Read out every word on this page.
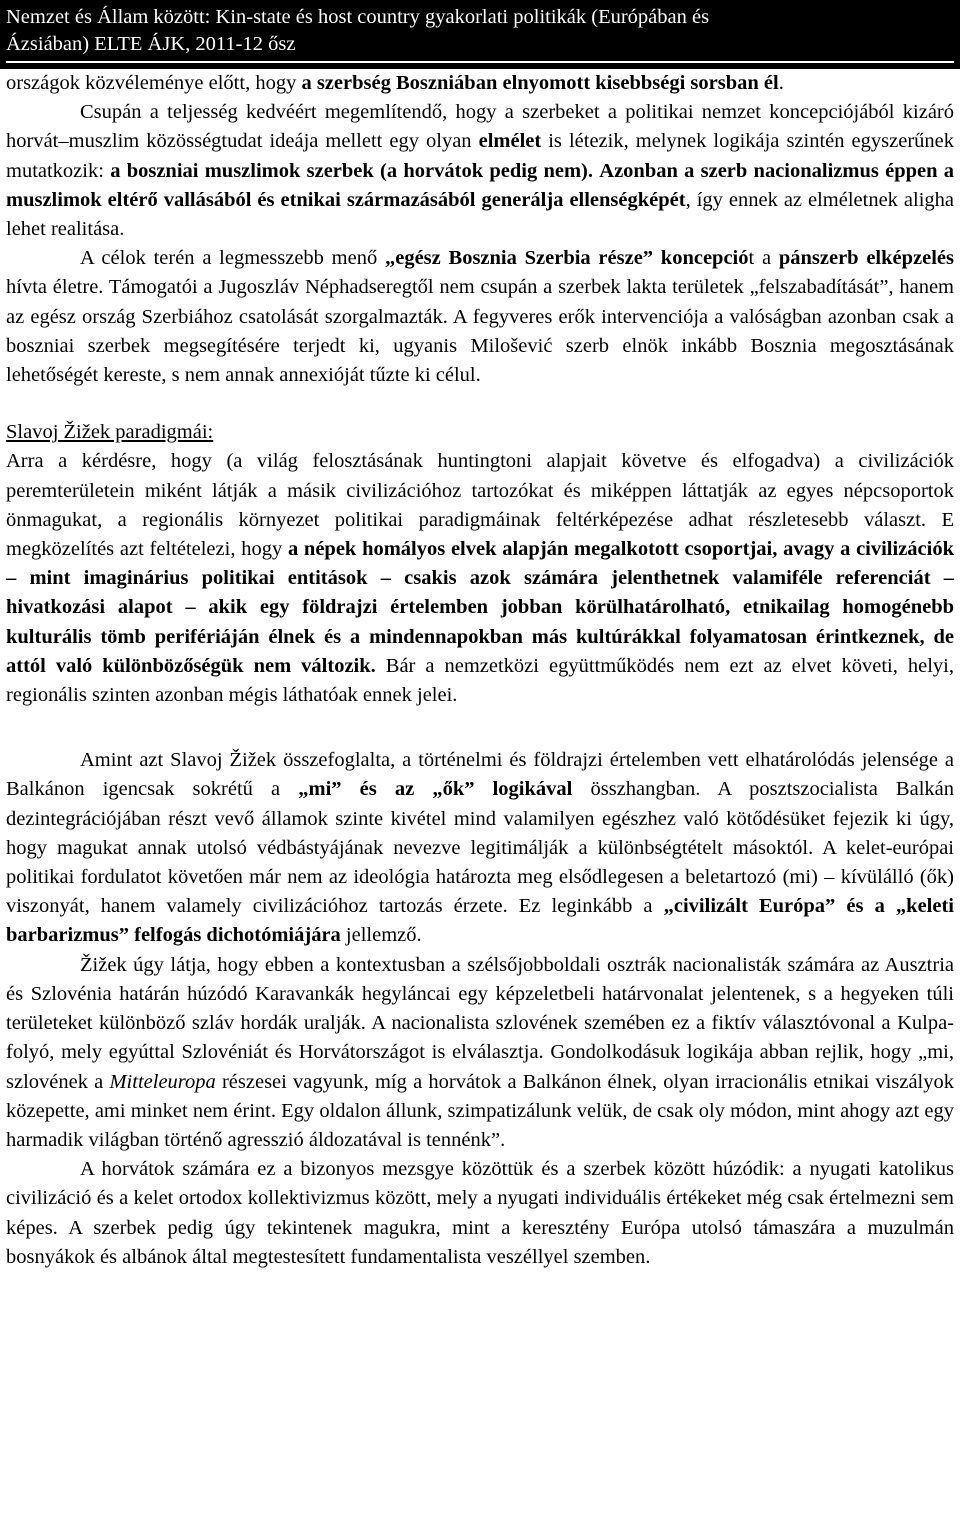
Nemzet és Állam között: Kin-state és host country gyakorlati politikák (Európában és
Ázsiában) ELTE ÁJK, 2011-12 ősz

országok közvéleménye előtt, hogy a szerbség Boszniában elnyomott kisebbségi sorsban él.

Csupán a teljesség kedvéért megemlítendő, hogy a szerbeket a politikai nemzet koncepciójából kizáró horvát–muszlim közösségtudat ideája mellett egy olyan elmélet is létezik, melynek logikája szintén egyszerűnek mutatkozik: a boszniai muszlimok szerbek (a horvátok pedig nem). Azonban a szerb nacionalizmus éppen a muszlimok eltérő vallásából és etnikai származásából generálja ellenségképét, így ennek az elméletnek aligha lehet realitása.

A célok terén a legmesszebb menő „egész Bosznia Szerbia része” koncepciót a pánszerb elképzelés hívta életre. Támogatói a Jugoszláv Néphadseregtől nem csupán a szerbek lakta területek „felszabadítását”, hanem az egész ország Szerbiához csatolását szorgalmazták. A fegyveres erők intervenciója a valóságban azonban csak a boszniai szerbek megsegítésére terjedt ki, ugyanis Milošević szerb elnök inkább Bosznia megosztásának lehetőségét kereste, s nem annak annexióját tűzte ki célul.

Slavoj Žižek paradigmái:

Arra a kérdésre, hogy (a világ felosztásának huntingtoni alapjait követve és elfogadva) a civilizációk peremterületein miként látják a másik civilizációhoz tartozókat és miképpen láttatják az egyes népcsoportok önmagukat, a regionális környezet politikai paradigmáinak feltérképezése adhat részletesebb választ. E megközelítés azt feltételezi, hogy a népek homályos elvek alapján megalkotott csoportjai, avagy a civilizációk – mint imaginárius politikai entitások – csakis azok számára jelenthetnek valamiféle referenciát – hivatkozási alapot – akik egy földrajzi értelemben jobban körülhatárolható, etnikailag homogénebb kulturális tömb perifériáján élnek és a mindennapokban más kultúrákkal folyamatosan érintkeznek, de attól való különbözőségük nem változik. Bár a nemzetközi együttműködés nem ezt az elvet követi, helyi, regionális szinten azonban mégis láthatóak ennek jelei.

Amint azt Slavoj Žižek összefoglalta, a történelmi és földrajzi értelemben vett elhatárolódás jelensége a Balkánon igencsak sokrétű a „mi” és az „ők” logikával összhangban. A posztszocialista Balkán dezintegrációjában részt vevő államok szinte kivétel mind valamilyen egészhez való kötődésüket fejezik ki úgy, hogy magukat annak utolsó védbástyájának nevezve legitimálják a különbségtételt másoktól. A kelet-európai politikai fordulatot követően már nem az ideológia határozta meg elsődlegesen a beletartozó (mi) – kívülálló (ők) viszonyát, hanem valamely civilizációhoz tartozás érzete. Ez leginkább a „civilizált Európa” és a „keleti barbarizmus” felfogás dichotómiájára jellemző.

Žižek úgy látja, hogy ebben a kontextusban a szélsőjobboldali osztrák nacionalisták számára az Ausztria és Szlovénia határán húzódó Karavankák hegyláncai egy képzeletbeli határvonalat jelentenek, s a hegyeken túli területeket különböző szláv hordák uralják. A nacionalista szlovének szemében ez a fiktív választóvonal a Kulpa-folyó, mely egyúttal Szlovéniát és Horvátországot is elválasztja. Gondolkodásuk logikája abban rejlik, hogy „mi, szlovének a Mitteleuropa részesei vagyunk, míg a horvátok a Balkánon élnek, olyan irracionális etnikai viszályok közepette, ami minket nem érint. Egy oldalon állunk, szimpatizálunk velük, de csak oly módon, mint ahogy azt egy harmadik világban történő agresszió áldozatával is tennénk”.

A horvátok számára ez a bizonyos mezsgye közöttük és a szerbek között húzódik: a nyugati katolikus civilizáció és a kelet ortodox kollektivizmus között, mely a nyugati individuális értékeket még csak értelmezni sem képes. A szerbek pedig úgy tekintenek magukra, mint a keresztény Európa utolsó támaszára a muzulmán bosnyákok és albánok által megtestesített fundamentalista veszéllyel szemben.
